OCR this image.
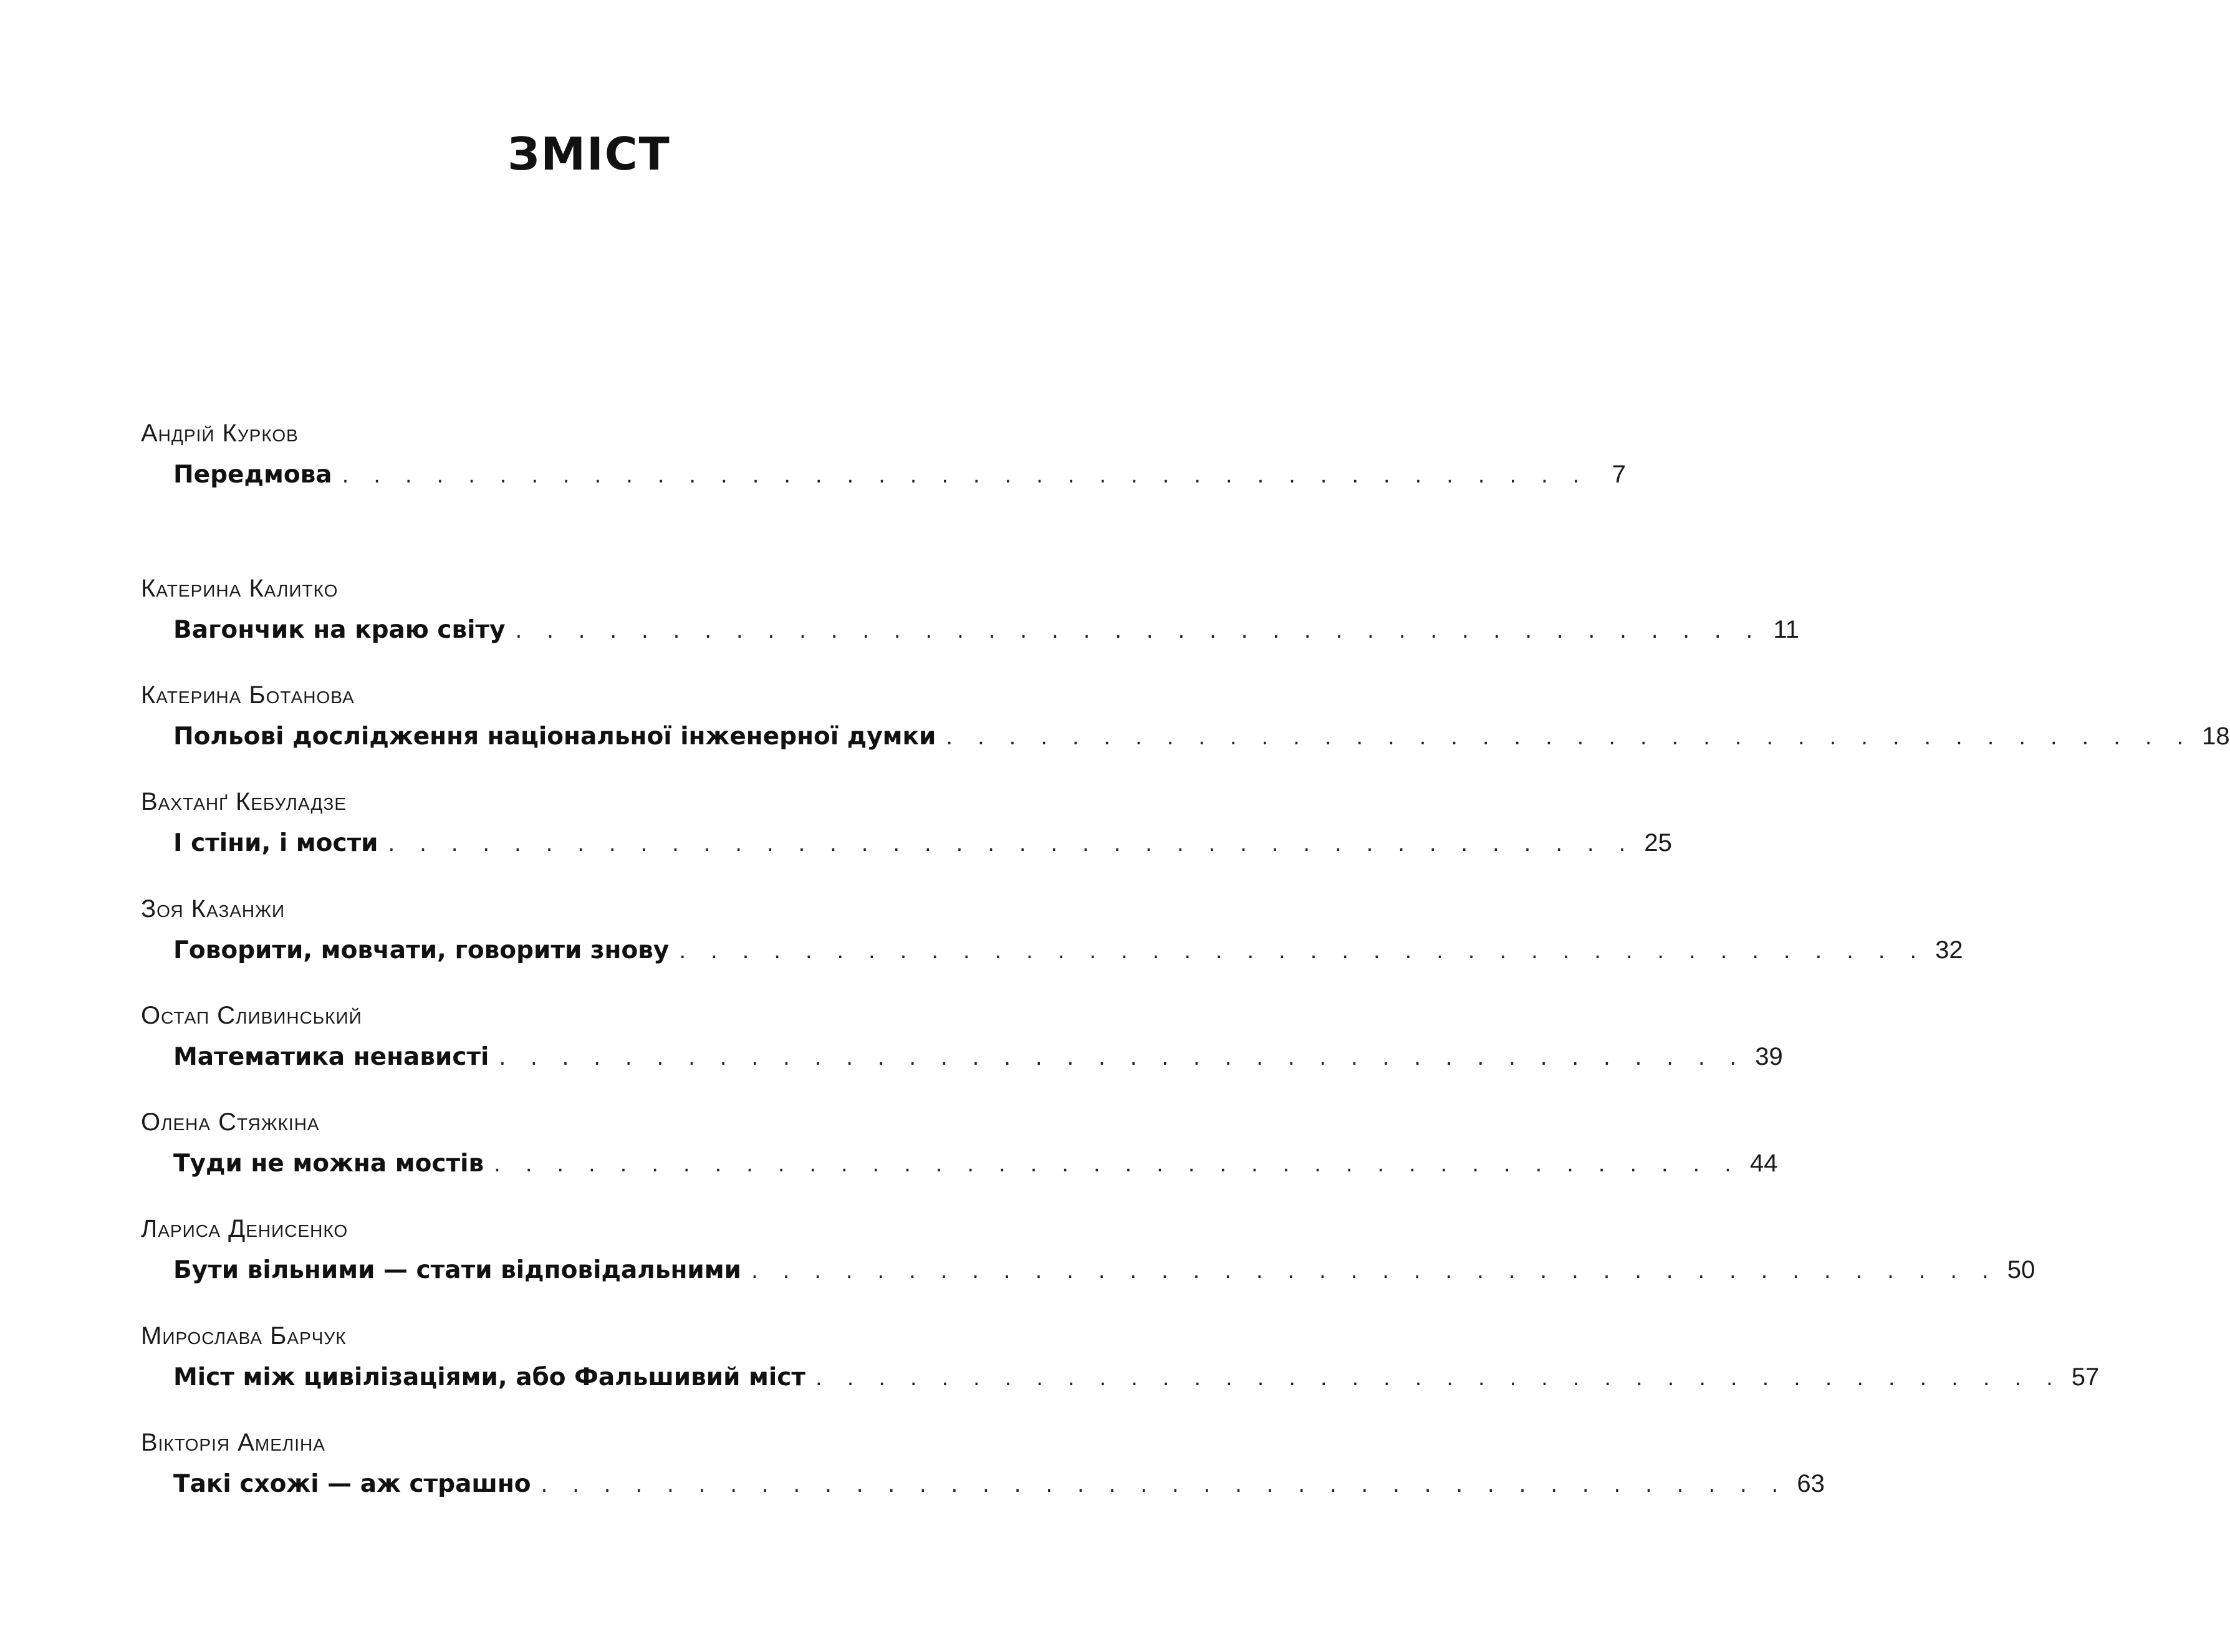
ЗМІСТ
Андрій Курков
Передмова . . . . . . . . . . . . . . . . . . . . . . . . . . . . . . . . . . . . . . . . 7
Катерина Калитко
Вагончик на краю світу . . . . . . . . . . . . . . . . . . . . . . . . . . . . . . . . . . . . . . . . 11
Катерина Ботанова
Польові дослідження національної інженерної думки . . . . . . . . . . . . . . . . . . . . . . . . . . . . . . . . . . . . . . . . 18
Вахтанґ Кебуладзе
І стіни, і мости . . . . . . . . . . . . . . . . . . . . . . . . . . . . . . . . . . . . . . . . 25
Зоя Казанжи
Говорити, мовчати, говорити знову . . . . . . . . . . . . . . . . . . . . . . . . . . . . . . . . . . . . . . . . 32
Остап Сливинський
Математика ненависті . . . . . . . . . . . . . . . . . . . . . . . . . . . . . . . . . . . . . . . . 39
Олена Стяжкіна
Туди не можна мостів . . . . . . . . . . . . . . . . . . . . . . . . . . . . . . . . . . . . . . . . 44
Лариса Денисенко
Бути вільними — стати відповідальними . . . . . . . . . . . . . . . . . . . . . . . . . . . . . . . . . . . . . . . . 50
Мирослава Барчук
Міст між цивілізаціями, або Фальшивий міст . . . . . . . . . . . . . . . . . . . . . . . . . . . . . . . . . . . . . . . . 57
Вікторія Амеліна
Такі схожі — аж страшно . . . . . . . . . . . . . . . . . . . . . . . . . . . . . . . . . . . . . . . . 63
